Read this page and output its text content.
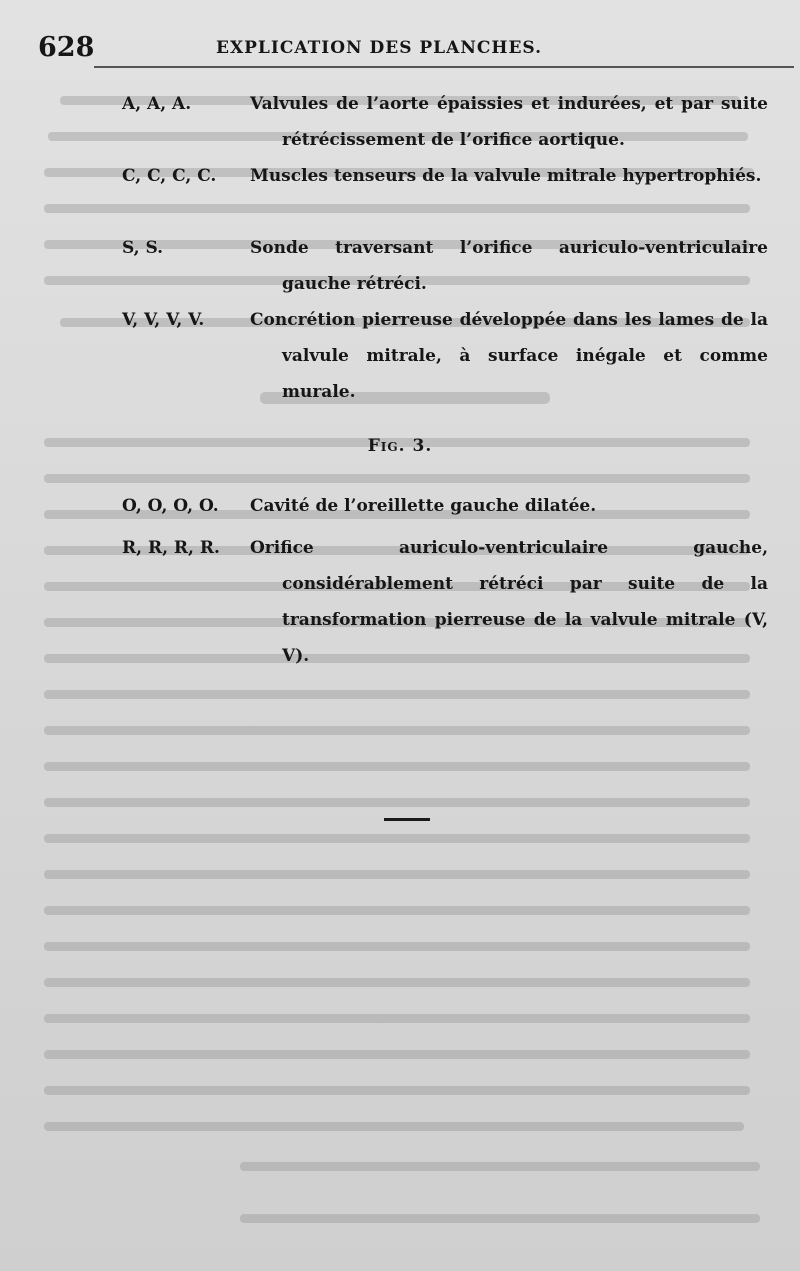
628	EXPLICATION DES PLANCHES.
A, A, A.	Valvules de l’aorte épaissies et indurées, et par suite rétrécissement de l’orifice aortique.
C, C, C, C.	Muscles tenseurs de la valvule mitrale hypertrophiés.
S, S.	Sonde traversant l’orifice auriculo-ventriculaire gauche rétréci.
V, V, V, V.	Concrétion pierreuse développée dans les lames de la valvule mitrale, à surface inégale et comme murale.
Fig. 3.
O, O, O, O.	Cavité de l’oreillette gauche dilatée.
R, R, R, R.	Orifice auriculo-ventriculaire gauche, considérablement rétréci par suite de la transformation pierreuse de la valvule mitrale (V, V).
